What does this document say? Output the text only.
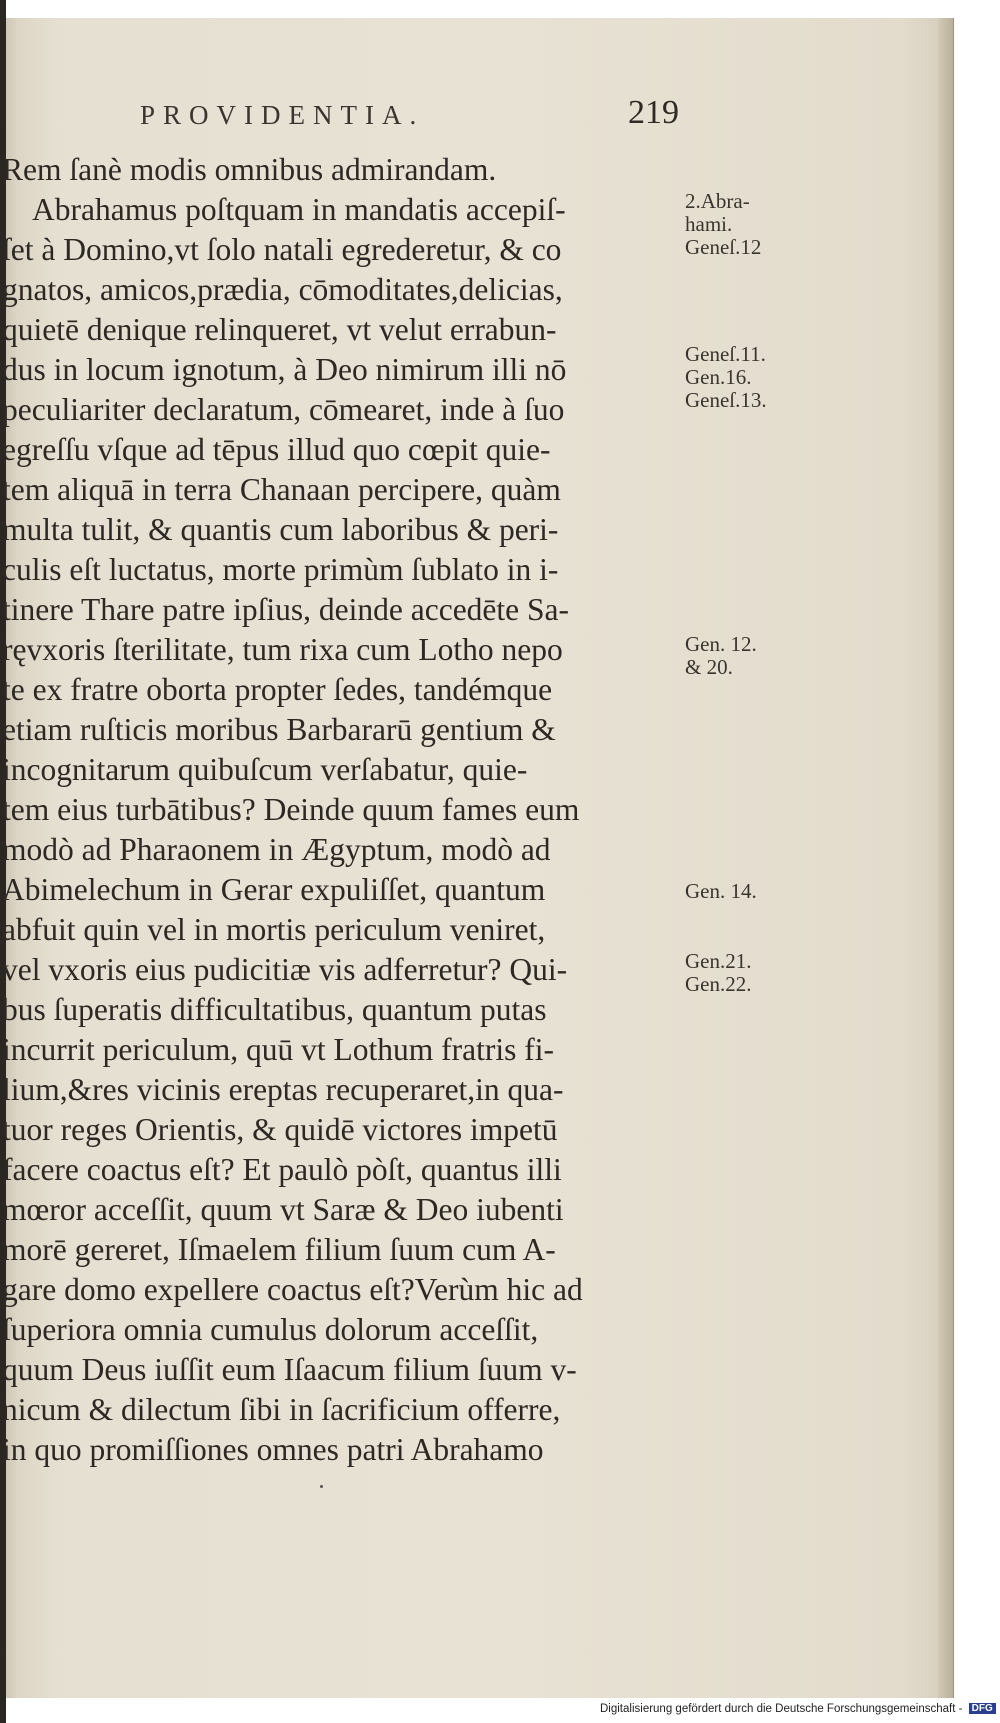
PROVIDENTIA.	219
Rem ſanè modis omnibus admirandam.
Abrahamus poſtquam in mandatis accepiſ-
ſet à Domino,vt ſolo natali egrederetur, & co
gnatos, amicos,prædia, cōmoditates,delicias,
quietē denique relinqueret, vt velut errabun-
dus in locum ignotum, à Deo nimirum illi nō
peculiariter declaratum, cōmearet, inde à ſuo
egreſſu vſque ad tēpus illud quo cœpit quie-
tem aliquā in terra Chanaan percipere, quàm
multa tulit, & quantis cum laboribus & peri-
culis eſt luctatus, morte primùm ſublato in i-
tinere Thare patre ipſius, deinde accedēte Sa-
ręvxoris ſterilitate, tum rixa cum Lotho nepo
te ex fratre oborta propter ſedes, tandémque
etiam ruſticis moribus Barbararū gentium &
incognitarum quibuſcum verſabatur, quie-
tem eius turbātibus? Deinde quum fames eum
modò ad Pharaonem in Ægyptum, modò ad
Abimelechum in Gerar expuliſſet, quantum
abfuit quin vel in mortis periculum veniret,
vel vxoris eius pudicitiæ vis adferretur? Qui-
bus ſuperatis difficultatibus, quantum putas
incurrit periculum, quū vt Lothum fratris fi-
lium,&res vicinis ereptas recuperaret,in qua-
tuor reges Orientis, & quidē victores impetū
facere coactus eſt? Et paulò pòſt, quantus illi
mœror acceſſit, quum vt Saræ & Deo iubenti
morē gereret, Iſmaelem filium ſuum cum A-
gare domo expellere coactus eſt?Verùm hic ad
ſuperiora omnia cumulus dolorum acceſſit,
quum Deus iuſſit eum Iſaacum filium ſuum v-
nicum & dilectum ſibi in ſacrificium offerre,
in quo promiſſiones omnes patri Abrahamo
2.Abra-
hami.
Geneſ.12
Geneſ.11.
Gen.16.
Geneſ.13.
Gen. 12.
& 20.
Gen. 14.
Gen.21.
Gen.22.
Digitalisierung gefördert durch die Deutsche Forschungsgemeinschaft - DFG
